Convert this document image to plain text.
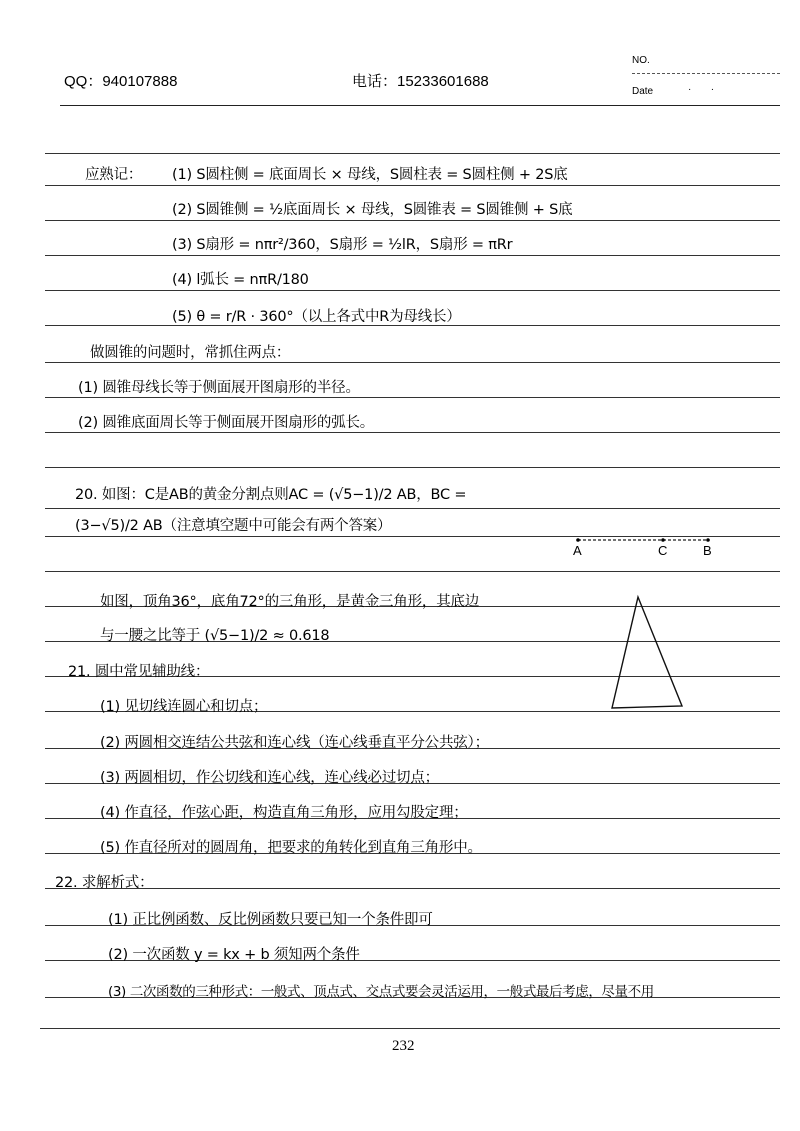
QQ：940107888	电话：15233601688
NO.
Date	·       ·
应熟记： (1) S圆柱侧 = 底面周长 × 母线，S圆柱表 = S圆柱侧 + 2S底
(2) S圆锥侧 = ½底面周长 × 母线，S圆锥表 = S圆锥侧 + S底
(3) S扇形 = nπr²/360，S扇形 = ½lR，S扇形 = πRr
(4) l弧长 = nπR/180
(5) θ = r/R · 360°（以上各式中R为母线长）
做圆锥的问题时，常抓住两点：
(1) 圆锥母线长等于侧面展开图扇形的半径。
(2) 圆锥底面周长等于侧面展开图扇形的弧长。
20. 如图：C是AB的黄金分割点则AC = (√5−1)/2 AB，BC =
(3−√5)/2 AB（注意填空题中可能会有两个答案）
A	C	B
如图，顶角36°，底角72°的三角形，是黄金三角形，其底边
与一腰之比等于 (√5−1)/2 ≈ 0.618
21. 圆中常见辅助线：
(1) 见切线连圆心和切点；
(2) 两圆相交连结公共弦和连心线（连心线垂直平分公共弦）；
(3) 两圆相切，作公切线和连心线，连心线必过切点；
(4) 作直径，作弦心距，构造直角三角形，应用勾股定理；
(5) 作直径所对的圆周角，把要求的角转化到直角三角形中。
22. 求解析式：
(1) 正比例函数、反比例函数只要已知一个条件即可
(2) 一次函数 y = kx + b 须知两个条件
(3) 二次函数的三种形式：一般式、顶点式、交点式要会灵活运用，一般式最后考虑，尽量不用
232
